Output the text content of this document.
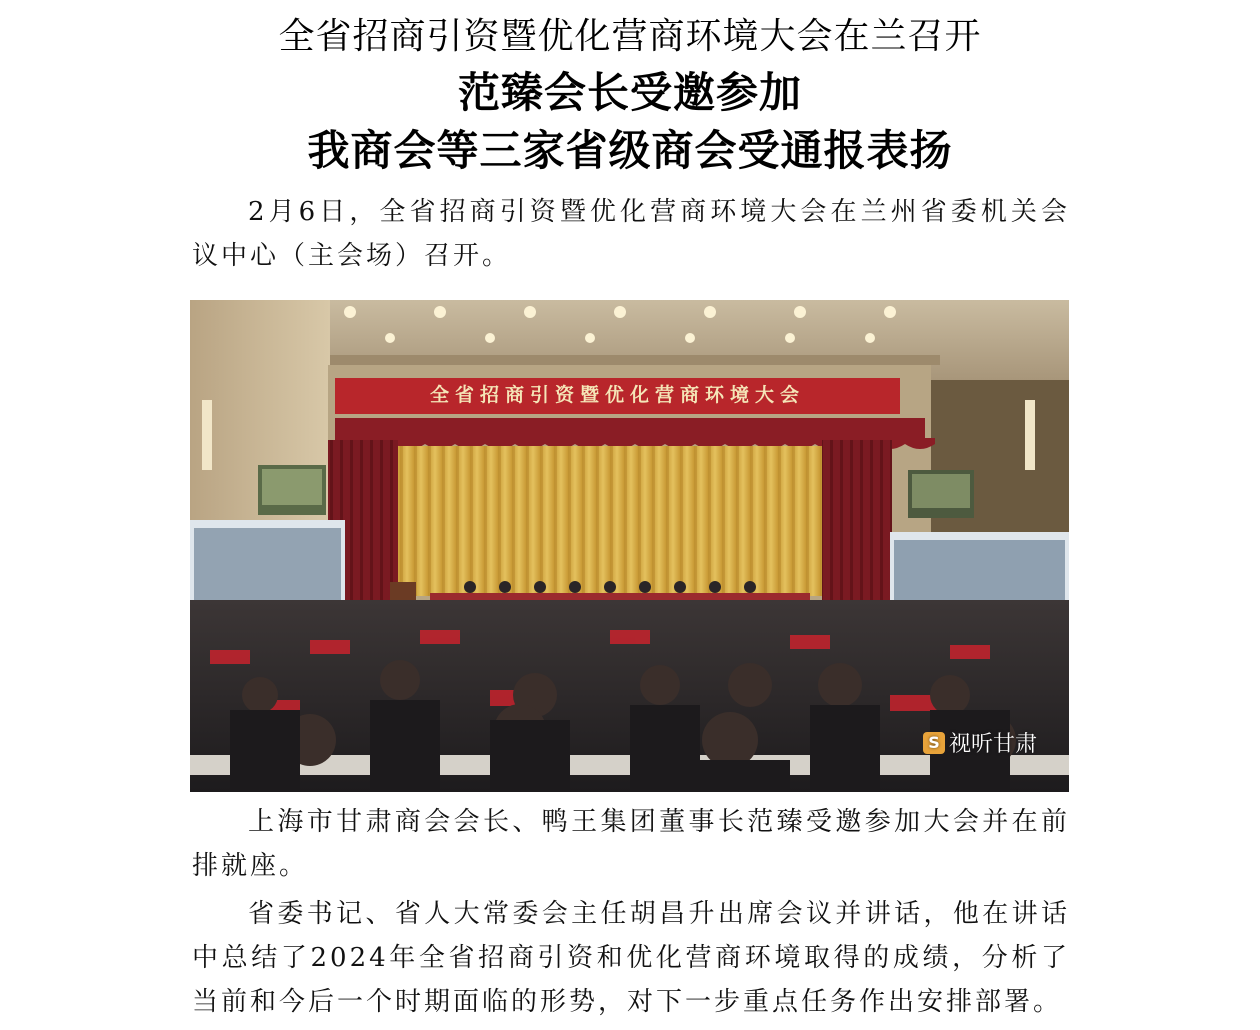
全省招商引资暨优化营商环境大会在兰召开
范臻会长受邀参加
我商会等三家省级商会受通报表扬

2月6日，全省招商引资暨优化营商环境大会在兰州省委机关会议中心（主会场）召开。

全省招商引资暨优化营商环境大会
S 视听甘肃

上海市甘肃商会会长、鸭王集团董事长范臻受邀参加大会并在前排就座。

省委书记、省人大常委会主任胡昌升出席会议并讲话，他在讲话中总结了2024年全省招商引资和优化营商环境取得的成绩，分析了当前和今后一个时期面临的形势，对下一步重点任务作出安排部署。
